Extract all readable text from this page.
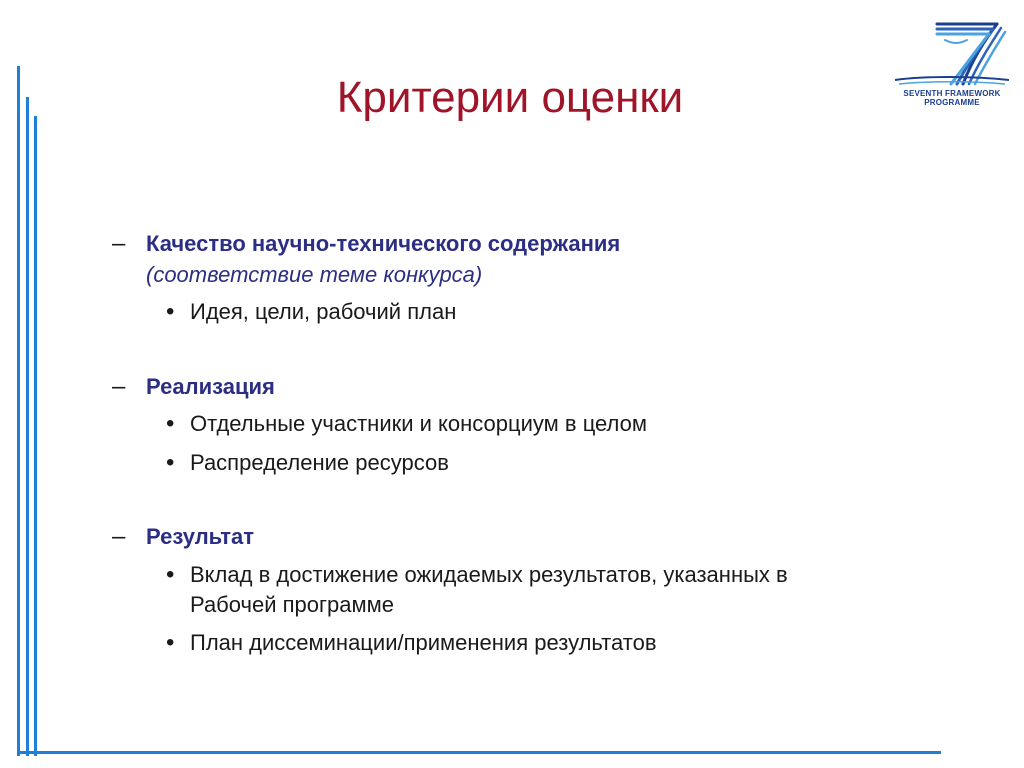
Критерии оценки	SEVENTH FRAMEWORK
PROGRAMME
– Качество научно-технического содержания
(соответствие теме конкурса)
• Идея, цели, рабочий план
– Реализация
• Отдельные участники и консорциум в целом
• Распределение ресурсов
– Результат
• Вклад в достижение ожидаемых результатов, указанных в
Рабочей программе
• План диссеминации/применения результатов
